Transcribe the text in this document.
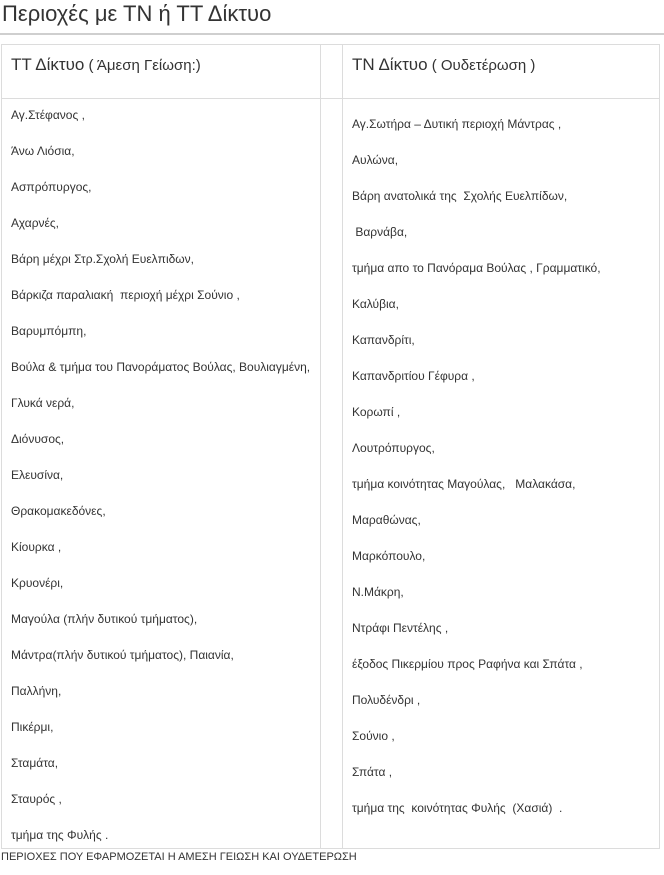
Περιοχές με ΤΝ ή ΤΤ Δίκτυο
ΤΤ Δίκτυο ( Άμεση Γείωση:)	ΤΝ Δίκτυο ( Ουδετέρωση )
Αγ.Στέφανος ,
Άνω Λιόσια,
Ασπρόπυργος,
Αχαρνές,
Βάρη μέχρι Στρ.Σχολή Ευελπιδων,
Βάρκιζα παραλιακή  περιοχή μέχρι Σούνιο ,
Βαρυμπόμπη,
Βούλα & τμήμα του Πανοράματος Βούλας, Βουλιαγμένη,
Γλυκά νερά,
Διόνυσος,
Ελευσίνα,
Θρακομακεδόνες,
Κίουρκα ,
Κρυονέρι,
Μαγούλα (πλήν δυτικού τμήματος),
Μάντρα(πλήν δυτικού τμήματος), Παιανία,
Παλλήνη,
Πικέρμι,
Σταμάτα,
Σταυρός ,
τμήμα της Φυλής .
Αγ.Σωτήρα – Δυτική περιοχή Μάντρας ,
Αυλώνα,
Βάρη ανατολικά της  Σχολής Ευελπίδων,
Βαρνάβα,
τμήμα απο το Πανόραμα Βούλας , Γραμματικό,
Καλύβια,
Καπανδρίτι,
Καπανδριτίου Γέφυρα ,
Κορωπί ,
Λουτρόπυργος,
τμήμα κοινότητας Μαγούλας,   Μαλακάσα,
Μαραθώνας,
Μαρκόπουλο,
Ν.Μάκρη,
Ντράφι Πεντέλης ,
έξοδος Πικερμίου προς Ραφήνα και Σπάτα ,
Πολυδένδρι ,
Σούνιο ,
Σπάτα ,
τμήμα της  κοινότητας Φυλής  (Χασιά)  .

ΠΕΡΙΟΧΕΣ ΠΟΥ ΕΦΑΡΜΟΖΕΤΑΙ Η ΑΜΕΣΗ ΓΕΙΩΣΗ ΚΑΙ ΟΥΔΕΤΕΡΩΣΗ
